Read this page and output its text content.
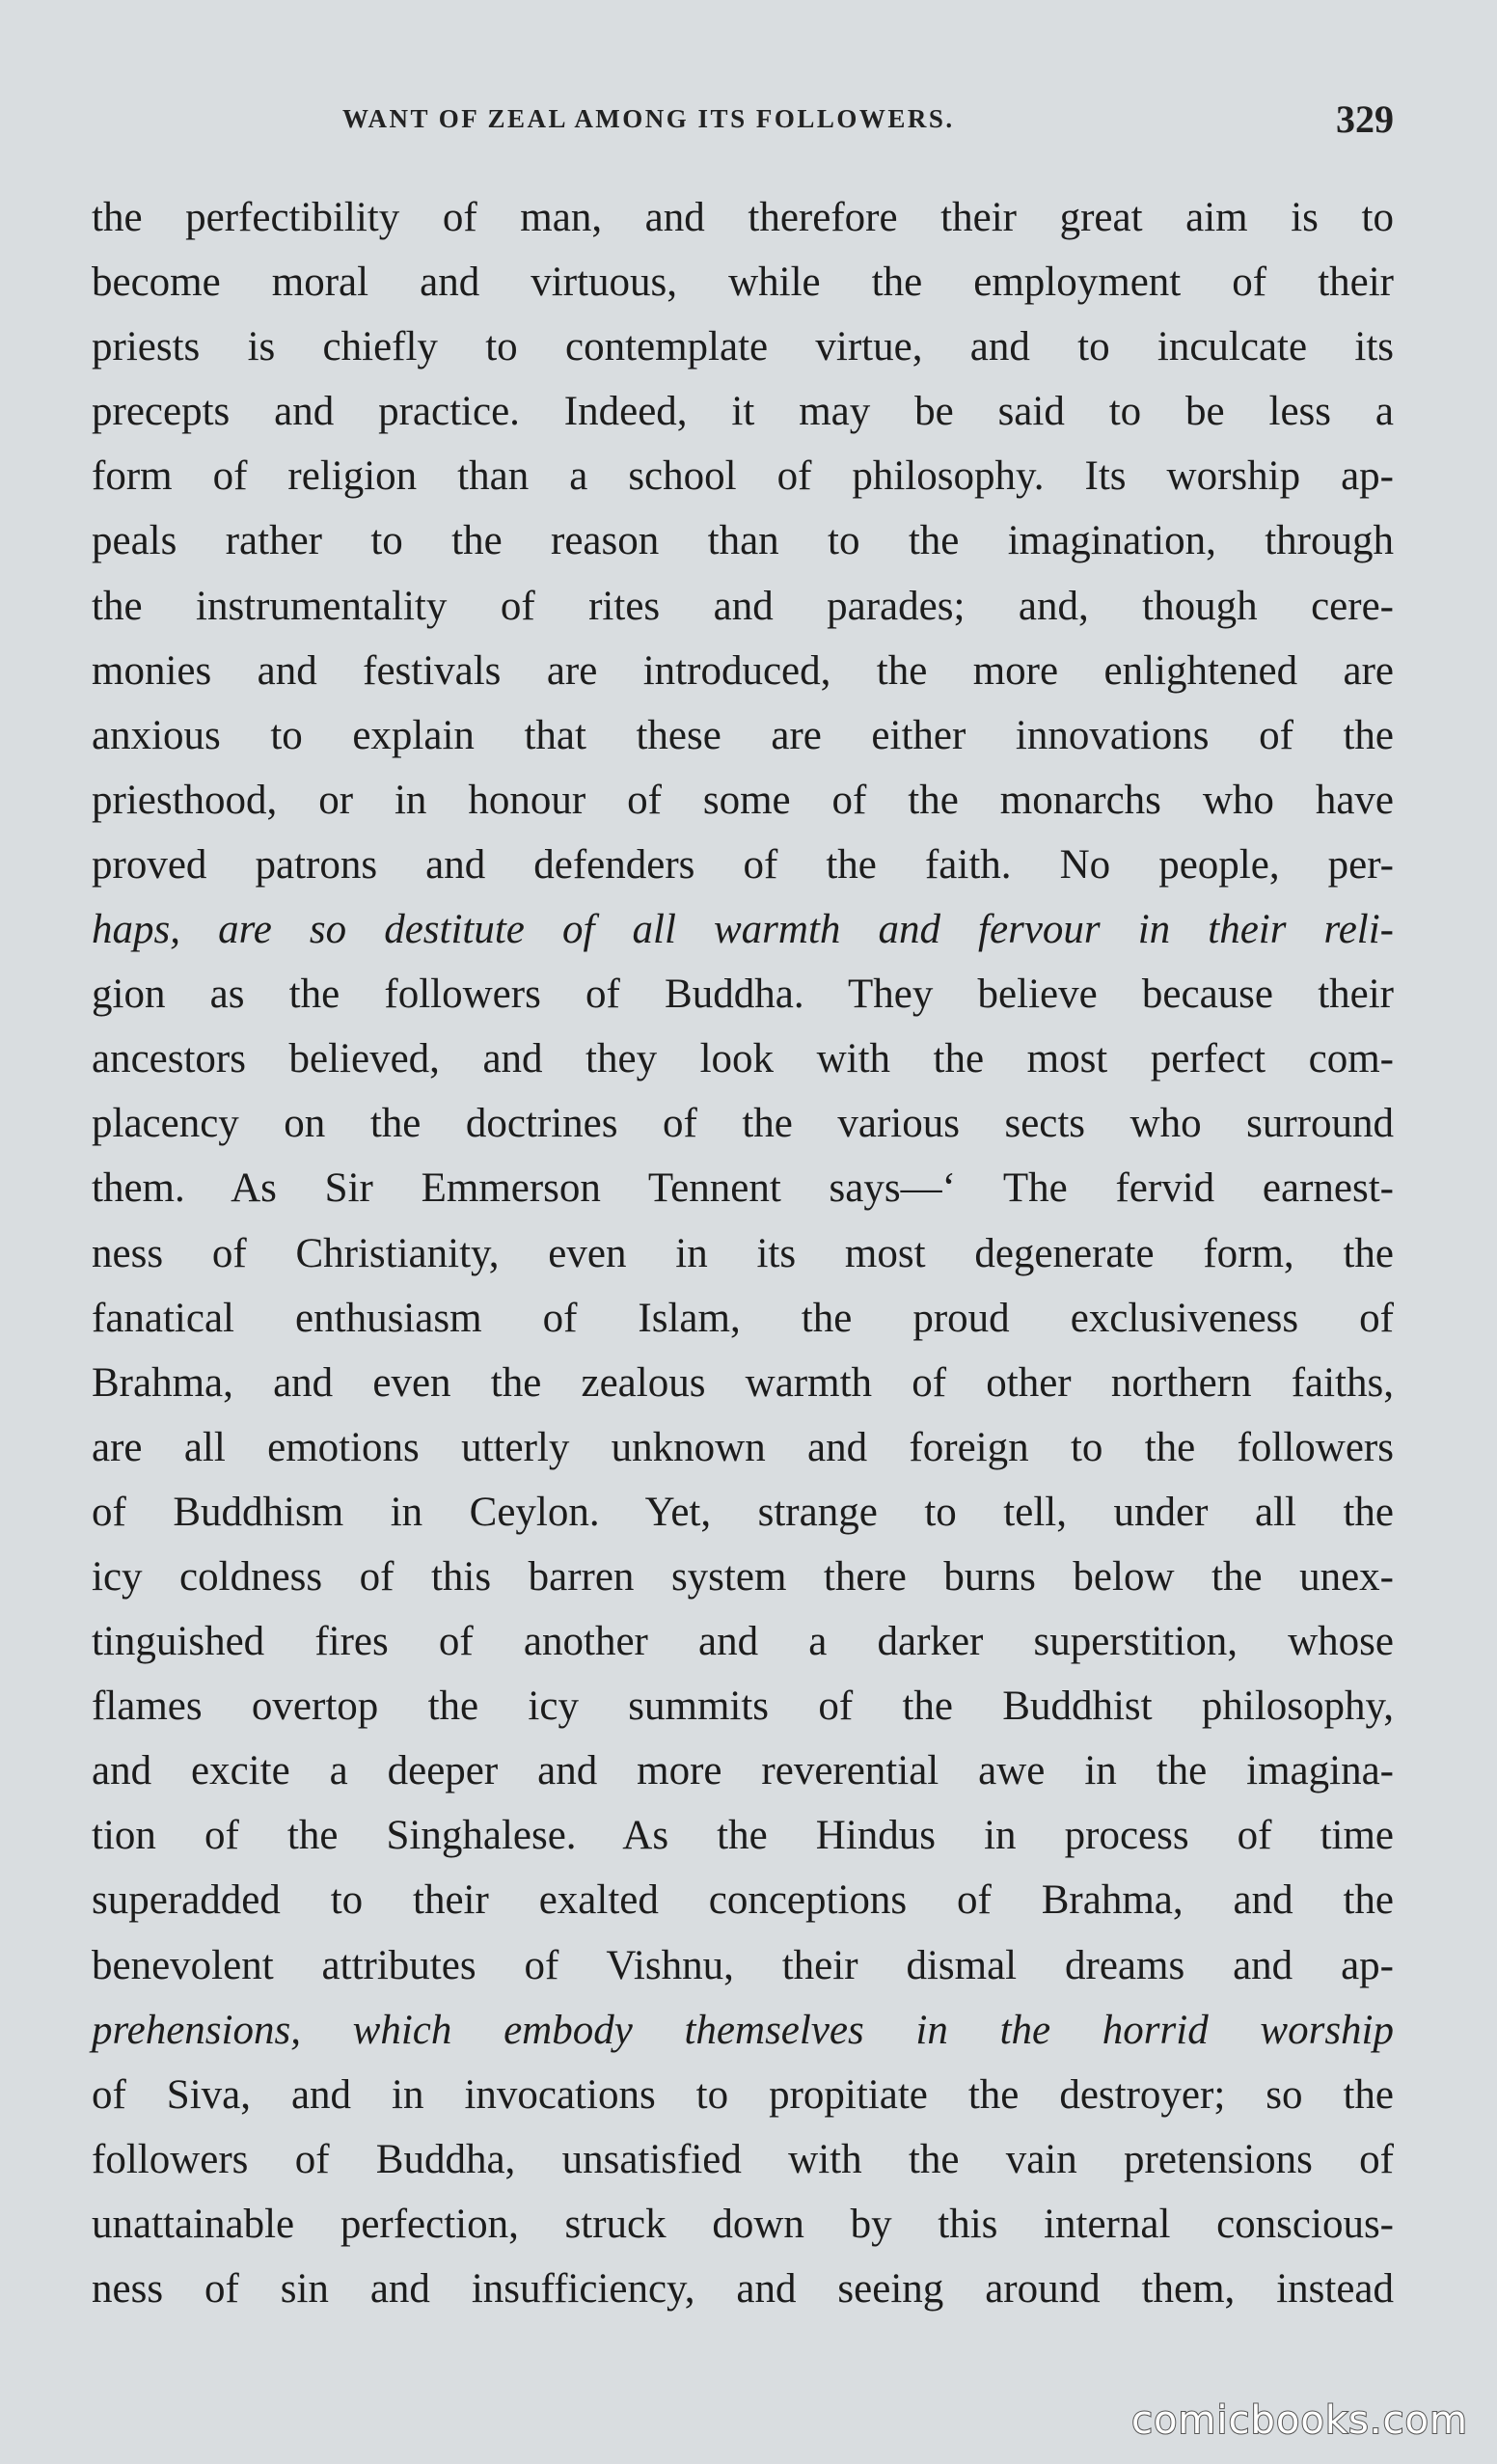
WANT OF ZEAL AMONG ITS FOLLOWERS.	329
the perfectibility of man, and therefore their great aim is to
become moral and virtuous, while the employment of their
priests is chiefly to contemplate virtue, and to inculcate its
precepts and practice. Indeed, it may be said to be less a
form of religion than a school of philosophy. Its worship ap-
peals rather to the reason than to the imagination, through
the instrumentality of rites and parades; and, though cere-
monies and festivals are introduced, the more enlightened are
anxious to explain that these are either innovations of the
priesthood, or in honour of some of the monarchs who have
proved patrons and defenders of the faith. No people, per-
haps, are so destitute of all warmth and fervour in their reli-
gion as the followers of Buddha. They believe because their
ancestors believed, and they look with the most perfect com-
placency on the doctrines of the various sects who surround
them. As Sir Emmerson Tennent says—‘ The fervid earnest-
ness of Christianity, even in its most degenerate form, the
fanatical enthusiasm of Islam, the proud exclusiveness of
Brahma, and even the zealous warmth of other northern faiths,
are all emotions utterly unknown and foreign to the followers
of Buddhism in Ceylon. Yet, strange to tell, under all the
icy coldness of this barren system there burns below the unex-
tinguished fires of another and a darker superstition, whose
flames overtop the icy summits of the Buddhist philosophy,
and excite a deeper and more reverential awe in the imagina-
tion of the Singhalese. As the Hindus in process of time
superadded to their exalted conceptions of Brahma, and the
benevolent attributes of Vishnu, their dismal dreams and ap-
prehensions, which embody themselves in the horrid worship
of Siva, and in invocations to propitiate the destroyer; so the
followers of Buddha, unsatisfied with the vain pretensions of
unattainable perfection, struck down by this internal conscious-
ness of sin and insufficiency, and seeing around them, instead
comicbooks.com
